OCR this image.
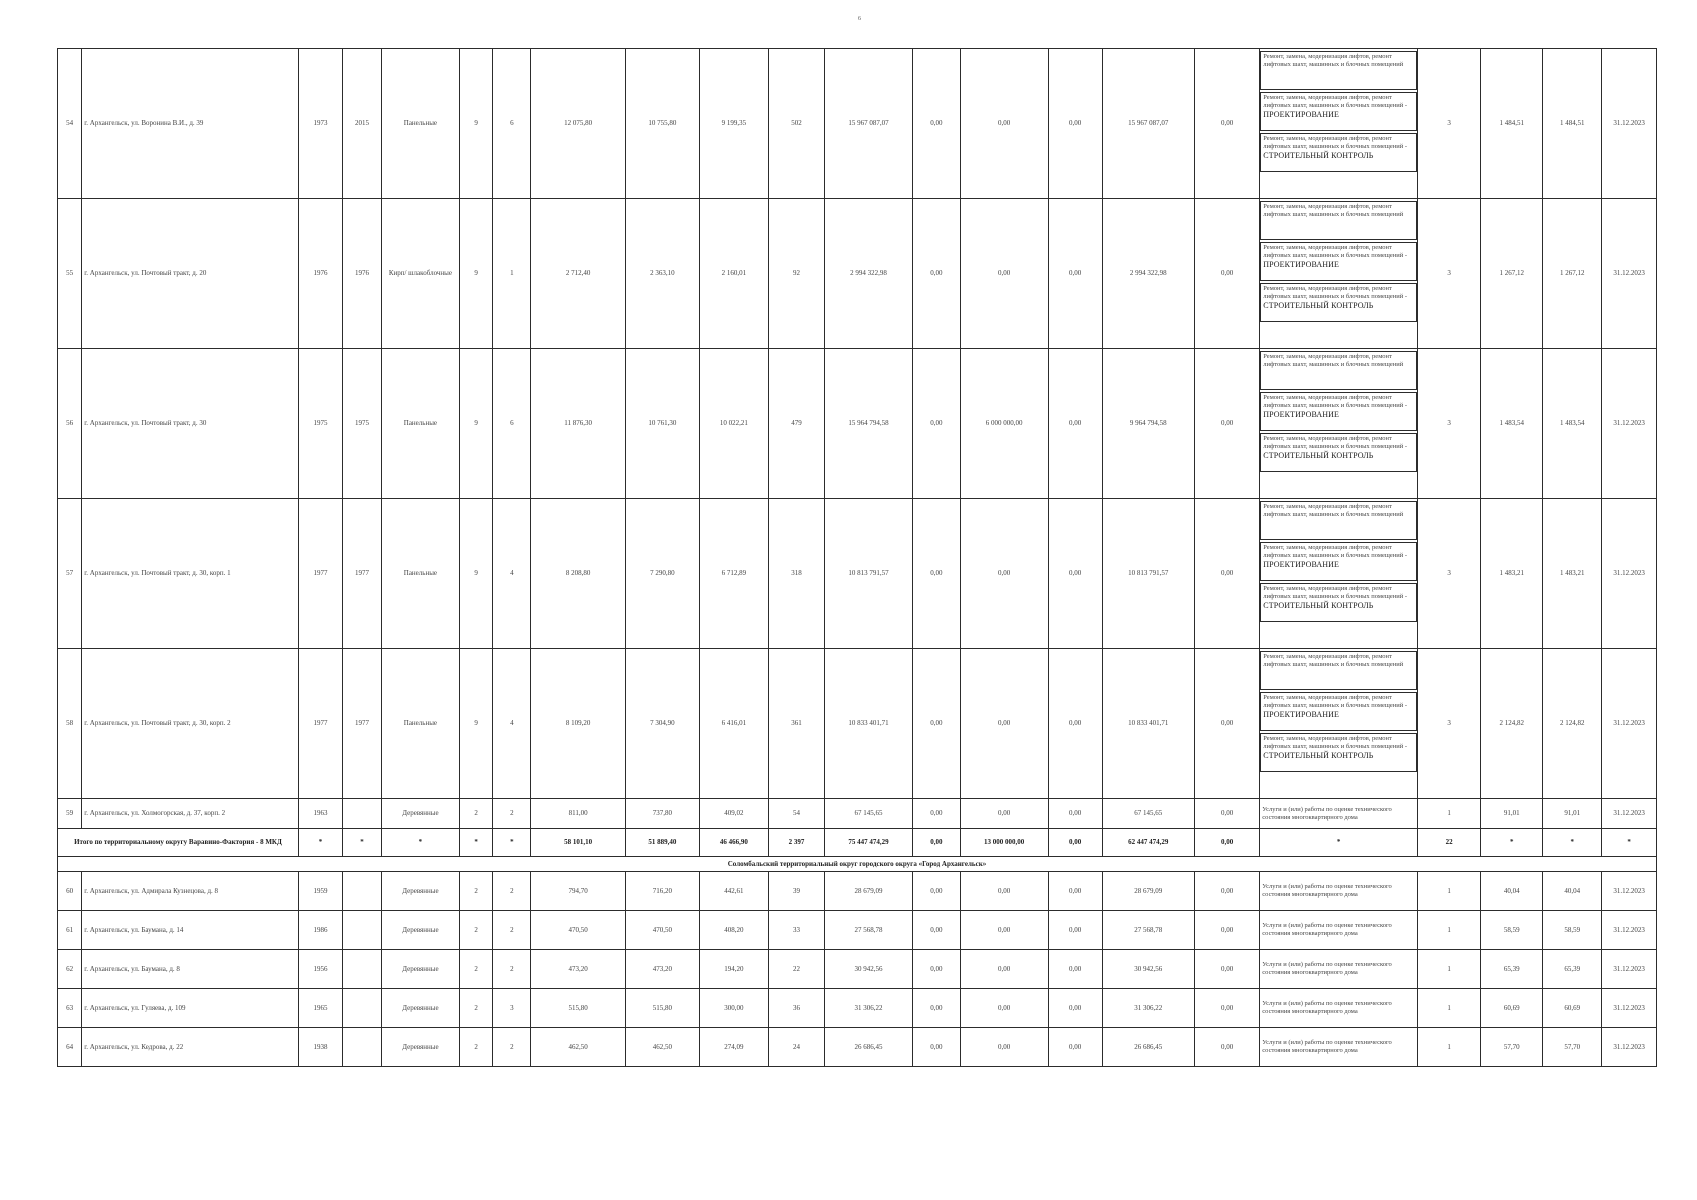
6
54	г. Архангельск, ул. Воронина В.И., д. 39	1973	2015	Панельные	9	6	12 075,80	10 755,80	9 199,35	502	15 967 087,07	0,00	0,00	0,00	15 967 087,07	0,00	Ремонт, замена, модернизация лифтов, ремонт лифтовых шахт, машинных и блочных помещений
Ремонт, замена, модернизация лифтов, ремонт лифтовых шахт, машинных и блочных помещений -
ПРОЕКТИРОВАНИЕ
Ремонт, замена, модернизация лифтов, ремонт лифтовых шахт, машинных и блочных помещений -
СТРОИТЕЛЬНЫЙ КОНТРОЛЬ	3	1 484,51	1 484,51	31.12.2023
55	г. Архангельск, ул. Почтовый тракт, д. 20	1976	1976	Кирп/ шлакоблочные	9	1	2 712,40	2 363,10	2 160,01	92	2 994 322,98	0,00	0,00	0,00	2 994 322,98	0,00	Ремонт, замена, модернизация лифтов, ремонт лифтовых шахт, машинных и блочных помещений
Ремонт, замена, модернизация лифтов, ремонт лифтовых шахт, машинных и блочных помещений -
ПРОЕКТИРОВАНИЕ
Ремонт, замена, модернизация лифтов, ремонт лифтовых шахт, машинных и блочных помещений -
СТРОИТЕЛЬНЫЙ КОНТРОЛЬ	3	1 267,12	1 267,12	31.12.2023
56	г. Архангельск, ул. Почтовый тракт, д. 30	1975	1975	Панельные	9	6	11 876,30	10 761,30	10 022,21	479	15 964 794,58	0,00	6 000 000,00	0,00	9 964 794,58	0,00	Ремонт, замена, модернизация лифтов, ремонт лифтовых шахт, машинных и блочных помещений
Ремонт, замена, модернизация лифтов, ремонт лифтовых шахт, машинных и блочных помещений -
ПРОЕКТИРОВАНИЕ
Ремонт, замена, модернизация лифтов, ремонт лифтовых шахт, машинных и блочных помещений -
СТРОИТЕЛЬНЫЙ КОНТРОЛЬ	3	1 483,54	1 483,54	31.12.2023
57	г. Архангельск, ул. Почтовый тракт, д. 30, корп. 1	1977	1977	Панельные	9	4	8 208,80	7 290,80	6 712,89	318	10 813 791,57	0,00	0,00	0,00	10 813 791,57	0,00	Ремонт, замена, модернизация лифтов, ремонт лифтовых шахт, машинных и блочных помещений
Ремонт, замена, модернизация лифтов, ремонт лифтовых шахт, машинных и блочных помещений -
ПРОЕКТИРОВАНИЕ
Ремонт, замена, модернизация лифтов, ремонт лифтовых шахт, машинных и блочных помещений -
СТРОИТЕЛЬНЫЙ КОНТРОЛЬ	3	1 483,21	1 483,21	31.12.2023
58	г. Архангельск, ул. Почтовый тракт, д. 30, корп. 2	1977	1977	Панельные	9	4	8 109,20	7 304,90	6 416,01	361	10 833 401,71	0,00	0,00	0,00	10 833 401,71	0,00	Ремонт, замена, модернизация лифтов, ремонт лифтовых шахт, машинных и блочных помещений
Ремонт, замена, модернизация лифтов, ремонт лифтовых шахт, машинных и блочных помещений -
ПРОЕКТИРОВАНИЕ
Ремонт, замена, модернизация лифтов, ремонт лифтовых шахт, машинных и блочных помещений -
СТРОИТЕЛЬНЫЙ КОНТРОЛЬ	3	2 124,82	2 124,82	31.12.2023
59	г. Архангельск, ул. Холмогорская, д. 37, корп. 2	1963		Деревянные	2	2	811,00	737,80	409,02	54	67 145,65	0,00	0,00	0,00	67 145,65	0,00	Услуги и (или) работы по оценке технического состояния многоквартирного дома	1	91,01	91,01	31.12.2023
Итого по территориальному округу Варавино-Фактория - 8 МКД		*	*	*	*	*	58 101,10	51 889,40	46 466,90	2 397	75 447 474,29	0,00	13 000 000,00	0,00	62 447 474,29	0,00	*	22	*	*	*
Соломбальский территориальный округ городского округа «Город Архангельск»																					
60	г. Архангельск, ул. Адмирала Кузнецова, д. 8	1959		Деревянные	2	2	794,70	716,20	442,61	39	28 679,09	0,00	0,00	0,00	28 679,09	0,00	Услуги и (или) работы по оценке технического состояния многоквартирного дома	1	40,04	40,04	31.12.2023
61	г. Архангельск, ул. Баумана, д. 14	1986		Деревянные	2	2	470,50	470,50	408,20	33	27 568,78	0,00	0,00	0,00	27 568,78	0,00	Услуги и (или) работы по оценке технического состояния многоквартирного дома	1	58,59	58,59	31.12.2023
62	г. Архангельск, ул. Баумана, д. 8	1956		Деревянные	2	2	473,20	473,20	194,20	22	30 942,56	0,00	0,00	0,00	30 942,56	0,00	Услуги и (или) работы по оценке технического состояния многоквартирного дома	1	65,39	65,39	31.12.2023
63	г. Архангельск, ул. Гуляева, д. 109	1965		Деревянные	2	3	515,80	515,80	300,00	36	31 306,22	0,00	0,00	0,00	31 306,22	0,00	Услуги и (или) работы по оценке технического состояния многоквартирного дома	1	60,69	60,69	31.12.2023
64	г. Архангельск, ул. Кедрова, д. 22	1938		Деревянные	2	2	462,50	462,50	274,09	24	26 686,45	0,00	0,00	0,00	26 686,45	0,00	Услуги и (или) работы по оценке технического состояния многоквартирного дома	1	57,70	57,70	31.12.2023
